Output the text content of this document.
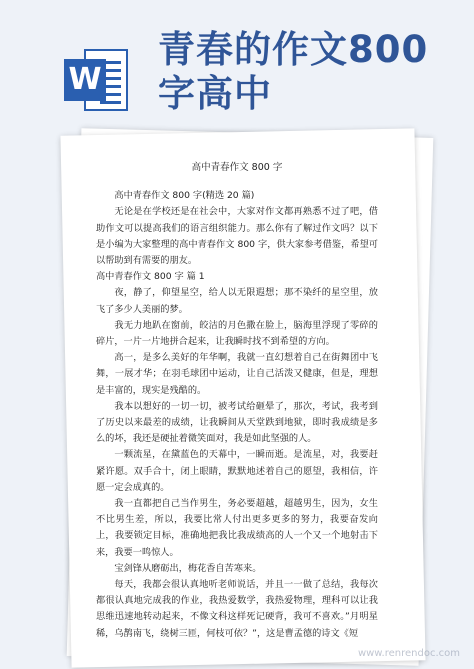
W
青春的作文800字高中
高中青春作文 800 字

高中青春作文 800 字(精选 20 篇)

无论是在学校还是在社会中，大家对作文都再熟悉不过了吧，借助作文可以提高我们的语言组织能力。那么你有了解过作文吗？以下是小编为大家整理的高中青春作文 800 字，供大家参考借鉴，希望可以帮助到有需要的朋友。

高中青春作文 800 字 篇 1

夜，静了，仰望星空，给人以无限遐想；那不染纤的星空里，放飞了多少人美丽的梦。

我无力地趴在窗前，皎洁的月色撒在脸上，脑海里浮现了零碎的碎片，一片一片地拼合起来，让我瞬时找不到希望的方向。

高一，是多么美好的年华啊，我就一直幻想着自己在街舞团中飞舞，一展才华；在羽毛球团中运动，让自己活泼又健康，但是，理想是丰富的，现实是残酷的。

我本以想好的一切一切，被考试给砸晕了，那次，考试，我考到了历史以来最差的成绩，让我瞬间从天堂跌到地狱，即时我成绩是多么的坏，我还是硬扯着微笑面对，我是如此坚强的人。

一颗流星，在黛蓝色的天幕中，一瞬而逝。是流星，对，我要赶紧许愿。双手合十，闭上眼睛，默默地述着自己的愿望，我相信，许愿一定会成真的。

我一直都把自己当作男生，务必要超越，超越男生，因为，女生不比男生差，所以，我要比常人付出更多更多的努力，我要奋发向上，我要锁定目标，准确地把我比我成绩高的人一个又一个地射击下来，我要一鸣惊人。

宝剑锋从磨砺出，梅花香自苦寒来。

每天，我都会很认真地听老师说话，并且一一做了总结，我每次都很认真地完成我的作业，我热爱数学，我热爱物理，理科可以让我思维迅速地转动起来，不像文科这样死记硬背，我可不喜欢。”月明星稀，乌鹊南飞，绕树三匝，何枝可依？”，这是曹孟德的诗文《短

www.renrendoc.com
